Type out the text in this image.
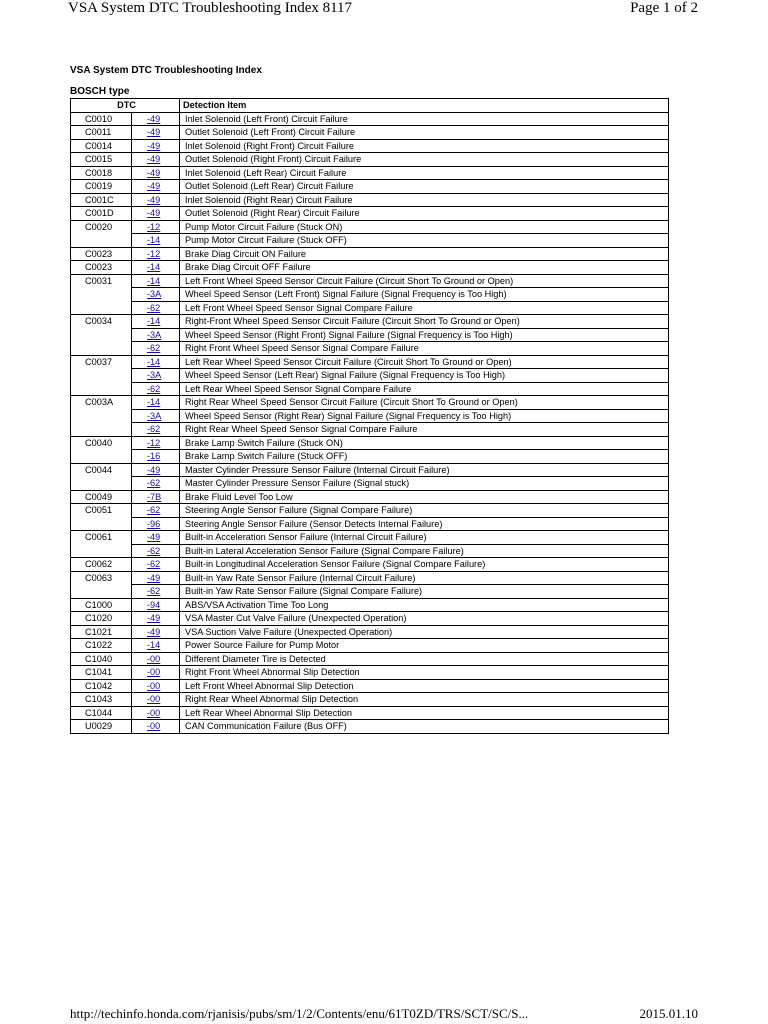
VSA System DTC Troubleshooting Index 8117	Page 1 of 2
VSA System DTC Troubleshooting Index
BOSCH type
DTC		Detection Item
C0010	-49	Inlet Solenoid (Left Front) Circuit Failure
C0011	-49	Outlet Solenoid (Left Front) Circuit Failure
C0014	-49	Inlet Solenoid (Right Front) Circuit Failure
C0015	-49	Outlet Solenoid (Right Front) Circuit Failure
C0018	-49	Inlet Solenoid (Left Rear) Circuit Failure
C0019	-49	Outlet Solenoid (Left Rear) Circuit Failure
C001C	-49	Inlet Solenoid (Right Rear) Circuit Failure
C001D	-49	Outlet Solenoid (Right Rear) Circuit Failure
C0020	-12	Pump Motor Circuit Failure (Stuck ON)
	-14	Pump Motor Circuit Failure (Stuck OFF)
C0023	-12	Brake Diag Circuit ON Failure
C0023	-14	Brake Diag Circuit OFF Failure
C0031	-14	Left Front Wheel Speed Sensor Circuit Failure (Circuit Short To Ground or Open)
	-3A	Wheel Speed Sensor (Left Front) Signal Failure (Signal Frequency is Too High)
	-62	Left Front Wheel Speed Sensor Signal Compare Failure
C0034	-14	Right-Front Wheel Speed Sensor Circuit Failure (Circuit Short To Ground or Open)
	-3A	Wheel Speed Sensor (Right Front) Signal Failure (Signal Frequency is Too High)
	-62	Right Front Wheel Speed Sensor Signal Compare Failure
C0037	-14	Left Rear Wheel Speed Sensor Circuit Failure (Circuit Short To Ground or Open)
	-3A	Wheel Speed Sensor (Left Rear) Signal Failure (Signal Frequency is Too High)
	-62	Left Rear Wheel Speed Sensor Signal Compare Failure
C003A	-14	Right Rear Wheel Speed Sensor Circuit Failure (Circuit Short To Ground or Open)
	-3A	Wheel Speed Sensor (Right Rear) Signal Failure (Signal Frequency is Too High)
	-62	Right Rear Wheel Speed Sensor Signal Compare Failure
C0040	-12	Brake Lamp Switch Failure (Stuck ON)
	-16	Brake Lamp Switch Failure (Stuck OFF)
C0044	-49	Master Cylinder Pressure Sensor Failure (Internal Circuit Failure)
	-62	Master Cylinder Pressure Sensor Failure (Signal stuck)
C0049	-7B	Brake Fluid Level Too Low
C0051	-62	Steering Angle Sensor Failure (Signal Compare Failure)
	-96	Steering Angle Sensor Failure (Sensor Detects Internal Failure)
C0061	-49	Built-in Acceleration Sensor Failure (Internal Circuit Failure)
	-62	Built-in Lateral Acceleration Sensor Failure (Signal Compare Failure)
C0062	-62	Built-in Longitudinal Acceleration Sensor Failure (Signal Compare Failure)
C0063	-49	Built-in Yaw Rate Sensor Failure (Internal Circuit Failure)
	-62	Built-in Yaw Rate Sensor Failure (Signal Compare Failure)
C1000	-94	ABS/VSA Activation Time Too Long
C1020	-49	VSA Master Cut Valve Failure (Unexpected Operation)
C1021	-49	VSA Suction Valve Failure (Unexpected Operation)
C1022	-14	Power Source Failure for Pump Motor
C1040	-00	Different Diameter Tire is Detected
C1041	-00	Right Front Wheel Abnormal Slip Detection
C1042	-00	Left Front Wheel Abnormal Slip Detection
C1043	-00	Right Rear Wheel Abnormal Slip Detection
C1044	-00	Left Rear Wheel Abnormal Slip Detection
U0029	-00	CAN Communication Failure (Bus OFF)
http://techinfo.honda.com/rjanisis/pubs/sm/1/2/Contents/enu/61T0ZD/TRS/SCT/SC/S...	2015.01.10
